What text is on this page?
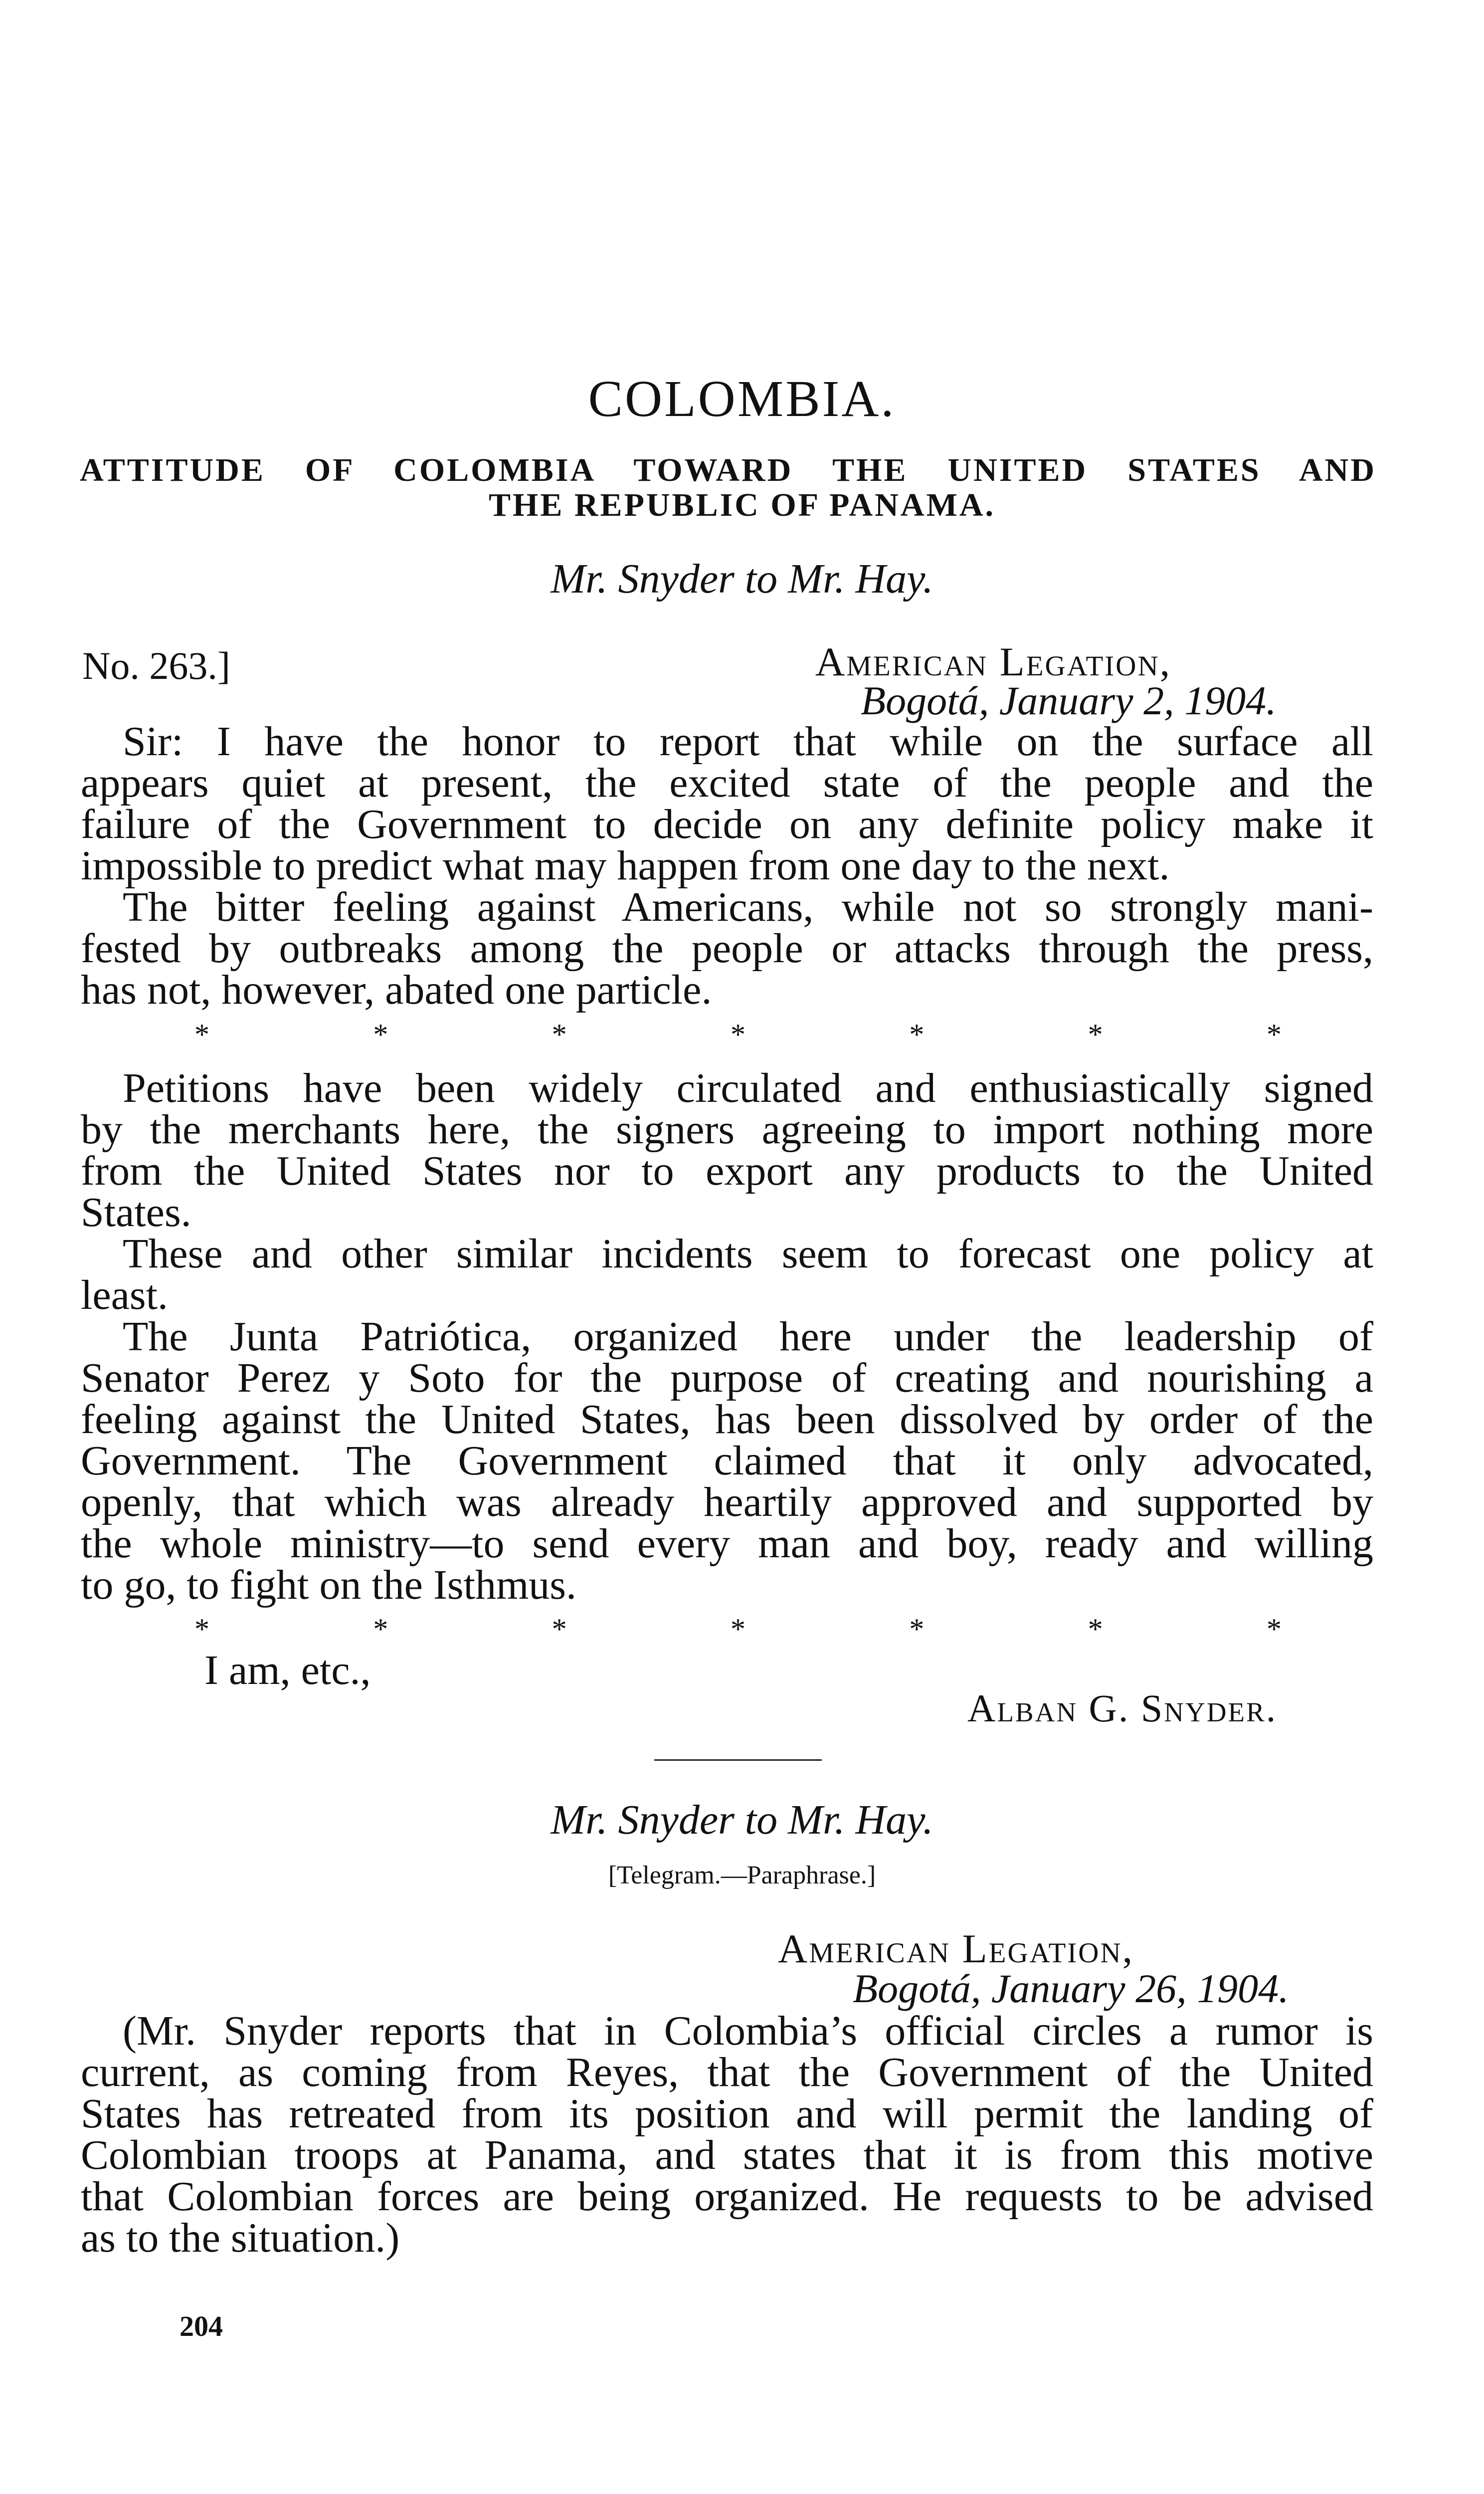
COLOMBIA.
ATTITUDE OF COLOMBIA TOWARD THE UNITED STATES AND
THE REPUBLIC OF PANAMA.
Mr. Snyder to Mr. Hay.
No. 263.]	American Legation,
Bogotá, January 2, 1904.
Sir: I have the honor to report that while on the surface all
appears quiet at present, the excited state of the people and the
failure of the Government to decide on any definite policy make it
impossible to predict what may happen from one day to the next.
The bitter feeling against Americans, while not so strongly mani-
fested by outbreaks among the people or attacks through the press,
has not, however, abated one particle.
*	*	*	*	*	*	*
Petitions have been widely circulated and enthusiastically signed
by the merchants here, the signers agreeing to import nothing more
from the United States nor to export any products to the United
States.
These and other similar incidents seem to forecast one policy at
least.
The Junta Patriótica, organized here under the leadership of
Senator Perez y Soto for the purpose of creating and nourishing a
feeling against the United States, has been dissolved by order of the
Government. The Government claimed that it only advocated,
openly, that which was already heartily approved and supported by
the whole ministry—to send every man and boy, ready and willing
to go, to fight on the Isthmus.
*	*	*	*	*	*	*
I am, etc.,
Alban G. Snyder.
Mr. Snyder to Mr. Hay.
[Telegram.—Paraphrase.]
American Legation,
Bogotá, January 26, 1904.
(Mr. Snyder reports that in Colombia’s official circles a rumor is
current, as coming from Reyes, that the Government of the United
States has retreated from its position and will permit the landing of
Colombian troops at Panama, and states that it is from this motive
that Colombian forces are being organized. He requests to be advised
as to the situation.)
204
